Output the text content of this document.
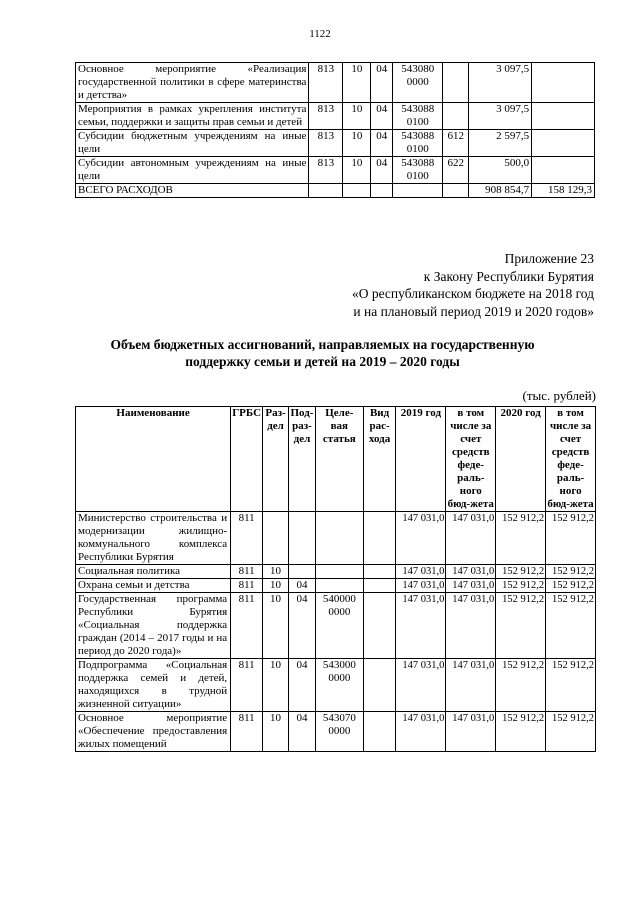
1122
Основное мероприятие «Реализация государственной политики в сфере материнства и детства»	813	10	04	543080 0000		3 097,5	
Мероприятия в рамках укрепления института семьи, поддержки и защиты прав семьи и детей	813	10	04	543088 0100		3 097,5	
Субсидии бюджетным учреждениям на иные цели	813	10	04	543088 0100	612	2 597,5	
Субсидии автономным учреждениям на иные цели	813	10	04	543088 0100	622	500,0	
ВСЕГО РАСХОДОВ						908 854,7	158 129,3
Приложение 23
к Закону Республики Бурятия
«О республиканском бюджете на 2018 год
и на плановый период 2019 и 2020 годов»
Объем бюджетных ассигнований, направляемых на государственную
поддержку семьи и детей на 2019 – 2020 годы
(тыс. рублей)
Наименование	ГРБС	Раз-дел	Под-раз-дел	Целе-вая статья	Вид рас-хода	2019 год	в том числе за счет средств феде-раль-ного бюд-жета	2020 год	в том числе за счет средств феде-раль-ного бюд-жета
Министерство строительства и модернизации жилищно-коммунального комплекса Республики Бурятия	811					147 031,0	147 031,0	152 912,2	152 912,2
Социальная политика	811	10				147 031,0	147 031,0	152 912,2	152 912,2
Охрана семьи и детства	811	10	04			147 031,0	147 031,0	152 912,2	152 912,2
Государственная программа Республики Бурятия «Социальная поддержка граждан (2014 – 2017 годы и на период до 2020 года)»	811	10	04	540000 0000		147 031,0	147 031,0	152 912,2	152 912,2
Подпрограмма «Социальная поддержка семей и детей, находящихся в трудной жизненной ситуации»	811	10	04	543000 0000		147 031,0	147 031,0	152 912,2	152 912,2
Основное мероприятие «Обеспечение предоставления жилых помещений	811	10	04	543070 0000		147 031,0	147 031,0	152 912,2	152 912,2
